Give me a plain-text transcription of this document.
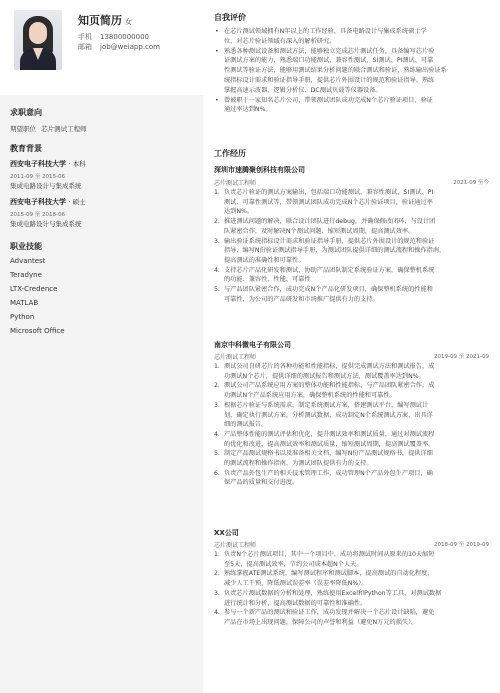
知页简历 女
手机 13800000000
邮箱 job@weiapp.com
求职意向
期望职位 芯片测试工程师
教育背景
西安电子科技大学 · 本科
2011-09 至 2015-06
集成电路设计与集成系统
西安电子科技大学 · 硕士
2015-09 至 2018-06
集成电路设计与集成系统
职业技能
Advantest
Teradyne
LTX-Credence
MATLAB
Python
Microsoft Office
自我评价
• 在芯片测试领域拥有N年以上的工作经验，具备电路设计与集成系统硕士学
位，对芯片验证领域有深入的解析研究。
• 熟悉各种测试设备和测试方法，能够独立完成芯片测试任务，具备编写芯片验
证测试方案的能力，熟悉端口功能测试、兼容性测试、SI测试、PI测试、可靠
性测试等验证方法，能够用测试结果分析问题的联合测试和验证，熟练输出验证系
统指标设计需求和验证指导手册，提供芯片外围设计的规范和验证指导。熟练
掌握高速示波器、逻辑分析仪、DC测试负载等仪器设备。
• 曾被职于一家知名芯片公司，带领测试团队成功完成N个芯片验证项目，验证
通过率达到N%。
工作经历
深圳市速腾聚创科技有限公司
芯片测试工程师	2021-09 至今
1. 负责芯片验证的测试方案输出，包括端口功能测试、兼容性测试、SI测试、PI
测试、可靠性测试等，带领测试团队成功完成N个芯片验证项目，验证通过率
达到N%。
2. 推进测试问题的解决，联合设计团队进行debug，并确保修改闭环，与设计团
队紧密合作，及时解决N个测试问题，缩短测试周期，提高测试效率。
3. 输出验证系统指标设计需求和验证指导手册，提供芯片外围设计的规范和验证
指导，编写N份验证测试指导手册，为测试团队提供详细的测试流程和操作指南，
提高测试的准确性和可靠性。
4. 支持芯片产品化研发和测试，协助产品团队制定系统验证方案，确保整机系统
的功能、兼容性、性能、可靠性
5. 与产品团队紧密合作，成功完成N个产品化研发项目，确保整机系统的性能和
可靠性，为公司的产品研发和市场推广提供有力的支持。
南京中科微电子有限公司
芯片测试工程师	2019-09 至 2021-09
1. 测试公司自研芯片的各种功能和性能指标，提供完成测试方法和测试报告，成
功测试N个芯片，提供详细的测试报告和测试方法，测试覆盖率达到N%。
2. 测试公司产品系统应用方案的整体功能和性能指标，与产品团队紧密合作，成
功测试N个产品系统应用方案，确保整机系统的性能和可靠性。
3. 根据芯片验证与系统需求，制定系统测试方案，搭建测试平台，编写测试计
划，确定执行测试方案，分析测试数据，成功制定N个系统测试方案，出具详
细的测试报告。
4. 产品整体性能的测试评估和优化，提升测试效率和测试质量，通过对测试流程
的优化和改进，提高测试效率和测试质量，缩短测试周期，提高测试覆盖率。
5. 制定产品测试规格书以及准备相关文档，编写N份产品测试规格书，提供详细
的测试流程和操作指南，为测试团队提供有力的支持。
6. 负责产品外包生产的相关技术管理工作，成功管理N个产品外包生产项目，确
保产品的质量和交付进度。
XX公司
芯片测试工程师	2018-09 至 2019-09
1. 负责N个芯片测试项目，其中一个项目中，成功将测试时间从原来的10天缩短
至5天，提高测试效率，节约公司成本超N个人天。
2. 熟练掌握ATE测试系统，编写测试程序和测试脚本，提高测试的自动化程度，
减少人工干预，降低测试误差率（误差率降低N%）。
3. 负责芯片测试数据的分析和处理，熟练使用Excel和Python等工具，对测试数据
进行统计和分析，提高测试数据的可靠性和准确性。
4. 参与一个新产品的测试和验证工作，成功发现并解决一个芯片设计缺陷，避免
产品在市场上出现问题，保障公司的声誉和利益（避免N万元的损失）。
